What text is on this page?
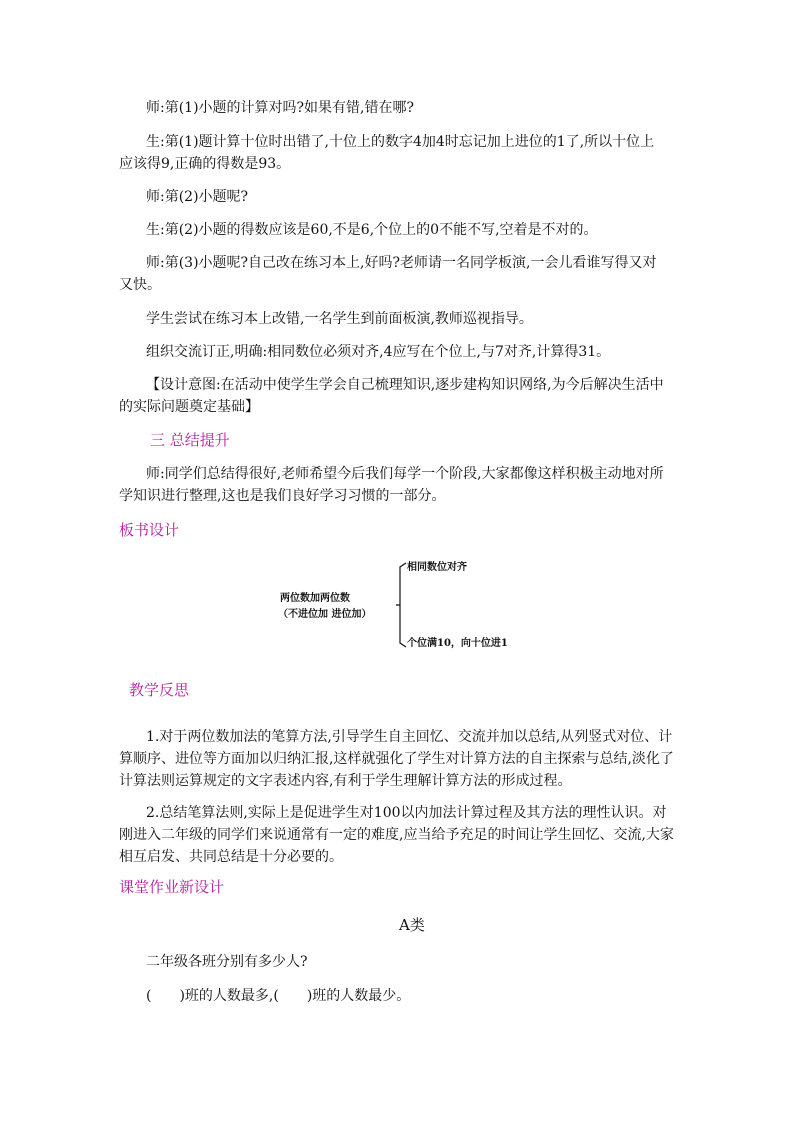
师:第(1)小题的计算对吗?如果有错,错在哪?
生:第(1)题计算十位时出错了,十位上的数字4加4时忘记加上进位的1了,所以十位上
应该得9,正确的得数是93。
师:第(2)小题呢?
生:第(2)小题的得数应该是60,不是6,个位上的0不能不写,空着是不对的。
师:第(3)小题呢?自己改在练习本上,好吗?老师请一名同学板演,一会儿看谁写得又对
又快。
学生尝试在练习本上改错,一名学生到前面板演,教师巡视指导。
组织交流订正,明确:相同数位必须对齐,4应写在个位上,与7对齐,计算得31。
【设计意图:在活动中使学生学会自己梳理知识,逐步建构知识网络,为今后解决生活中
的实际问题奠定基础】
三 总结提升
师:同学们总结得很好,老师希望今后我们每学一个阶段,大家都像这样积极主动地对所
学知识进行整理,这也是我们良好学习习惯的一部分。
板书设计
两位数加两位数
（不进位加 进位加）
相同数位对齐
个位满10，向十位进1
教学反思
1.对于两位数加法的笔算方法,引导学生自主回忆、交流并加以总结,从列竖式对位、计
算顺序、进位等方面加以归纳汇报,这样就强化了学生对计算方法的自主探索与总结,淡化了
计算法则运算规定的文字表述内容,有利于学生理解计算方法的形成过程。
2.总结笔算法则,实际上是促进学生对100以内加法计算过程及其方法的理性认识。对
刚进入二年级的同学们来说通常有一定的难度,应当给予充足的时间让学生回忆、交流,大家
相互启发、共同总结是十分必要的。
课堂作业新设计
A类
二年级各班分别有多少人?
(　　)班的人数最多,(　　)班的人数最少。
